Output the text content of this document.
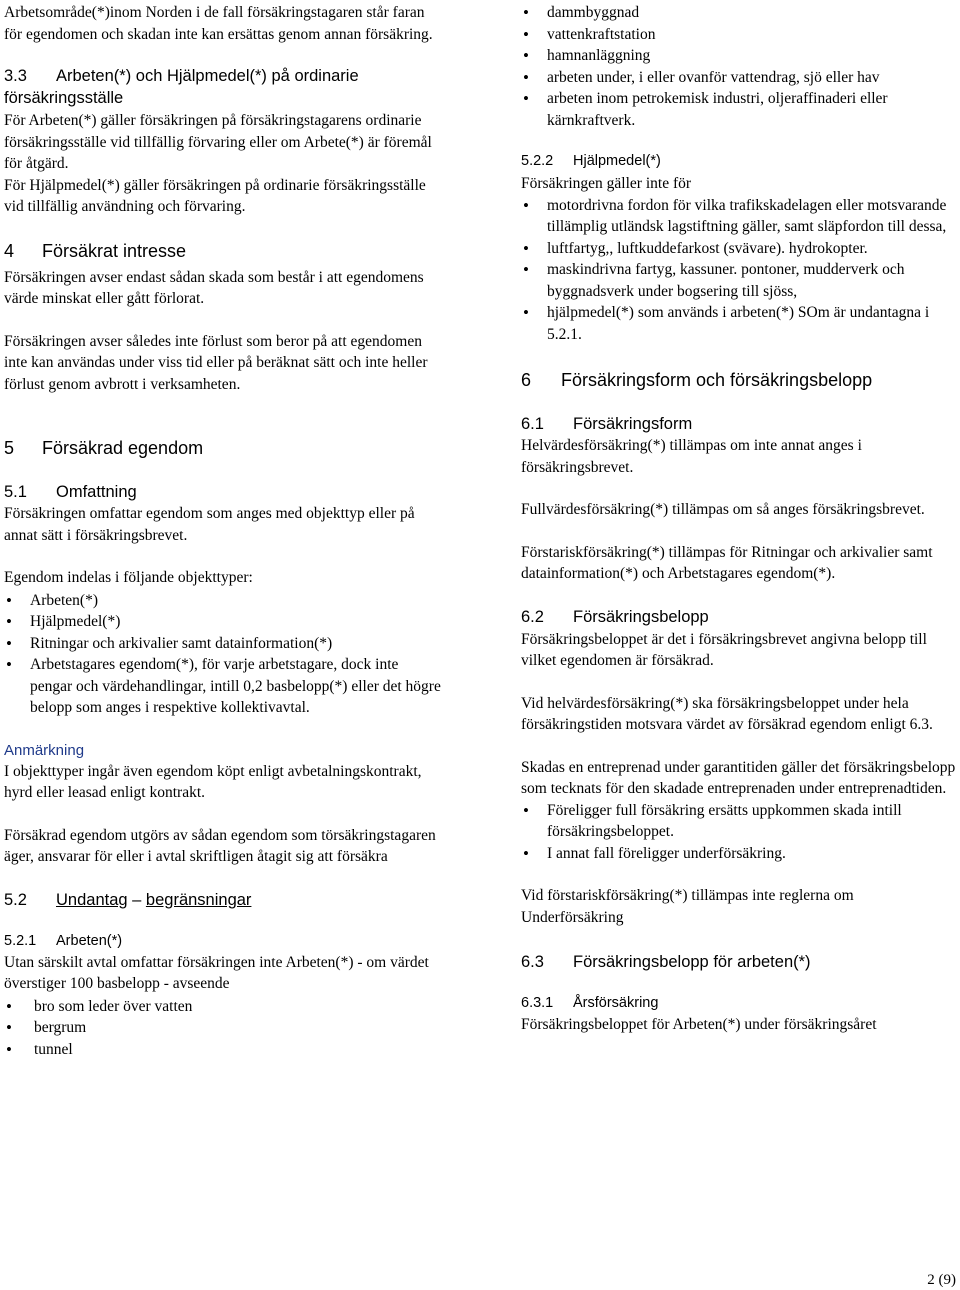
Arbetsområde(*)inom Norden i de fall försäkringstagaren står faran för egendomen och skadan inte kan ersättas genom annan försäkring.

3.3 Arbeten(*) och Hjälpmedel(*) på ordinarie försäkringsställe

För Arbeten(*) gäller försäkringen på försäkringstagarens ordinarie försäkringsställe vid tillfällig förvaring eller om Arbete(*) är föremål för åtgärd.

För Hjälpmedel(*) gäller försäkringen på ordinarie försäkringsställe vid tillfällig användning och förvaring.

4 Försäkrat intresse

Försäkringen avser endast sådan skada som består i att egendomens värde minskat eller gått förlorat.

Försäkringen avser således inte förlust som beror på att egendomen inte kan användas under viss tid eller på beräknat sätt och inte heller förlust genom avbrott i verksamheten.

5 Försäkrad egendom

5.1 Omfattning

Försäkringen omfattar egendom som anges med objekttyp eller på annat sätt i försäkringsbrevet.

Egendom indelas i följande objekttyper:

• Arbeten(*)
• Hjälpmedel(*)
• Ritningar och arkivalier samt datainformation(*)
• Arbetstagares egendom(*), för varje arbetstagare, dock inte pengar och värdehandlingar, intill 0,2 basbelopp(*) eller det högre belopp som anges i respektive kollektivavtal.

Anmärkning

I objekttyper ingår även egendom köpt enligt avbetalningskontrakt, hyrd eller leasad enligt kontrakt.

Försäkrad egendom utgörs av sådan egendom som törsäkringstagaren äger, ansvarar för eller i avtal skriftligen åtagit sig att försäkra

5.2 Undantag – begränsningar

5.2.1 Arbeten(*)

Utan särskilt avtal omfattar försäkringen inte Arbeten(*) - om värdet överstiger 100 basbelopp - avseende

• bro som leder över vatten
• bergrum
• tunnel
• dammbyggnad
• vattenkraftstation
• hamnanläggning
• arbeten under, i eller ovanför vattendrag, sjö eller hav
• arbeten inom petrokemisk industri, oljeraffinaderi eller kärnkraftverk.

5.2.2 Hjälpmedel(*)

Försäkringen gäller inte för

• motordrivna fordon för vilka trafikskadelagen eller motsvarande tillämplig utländsk lagstiftning gäller, samt släpfordon till dessa,
• luftfartyg,, luftkuddefarkost (svävare). hydrokopter.
• maskindrivna fartyg, kassuner. pontoner, mudderverk och byggnadsverk under bogsering till sjöss,
• hjälpmedel(*) som används i arbeten(*) SOm är undantagna i 5.2.1.

6 Försäkringsform och försäkringsbelopp

6.1 Försäkringsform

Helvärdesförsäkring(*) tillämpas om inte annat anges i försäkringsbrevet.

Fullvärdesförsäkring(*) tillämpas om så anges försäkringsbrevet.

Förstariskförsäkring(*) tillämpas för Ritningar och arkivalier samt datainformation(*) och Arbetstagares egendom(*).

6.2 Försäkringsbelopp

Försäkringsbeloppet är det i försäkringsbrevet angivna belopp till vilket egendomen är försäkrad.

Vid helvärdesförsäkring(*) ska försäkringsbeloppet under hela försäkringstiden motsvara värdet av försäkrad egendom enligt 6.3.

Skadas en entreprenad under garantitiden gäller det försäkringsbelopp som tecknats för den skadade entreprenaden under entreprenadtiden.

• Föreligger full försäkring ersätts uppkommen skada intill försäkringsbeloppet.
• I annat fall föreligger underförsäkring.

Vid förstariskförsäkring(*) tillämpas inte reglerna om Underförsäkring

6.3 Försäkringsbelopp för arbeten(*)

6.3.1 Årsförsäkring

Försäkringsbeloppet för Arbeten(*) under försäkringsåret

2 (9)
